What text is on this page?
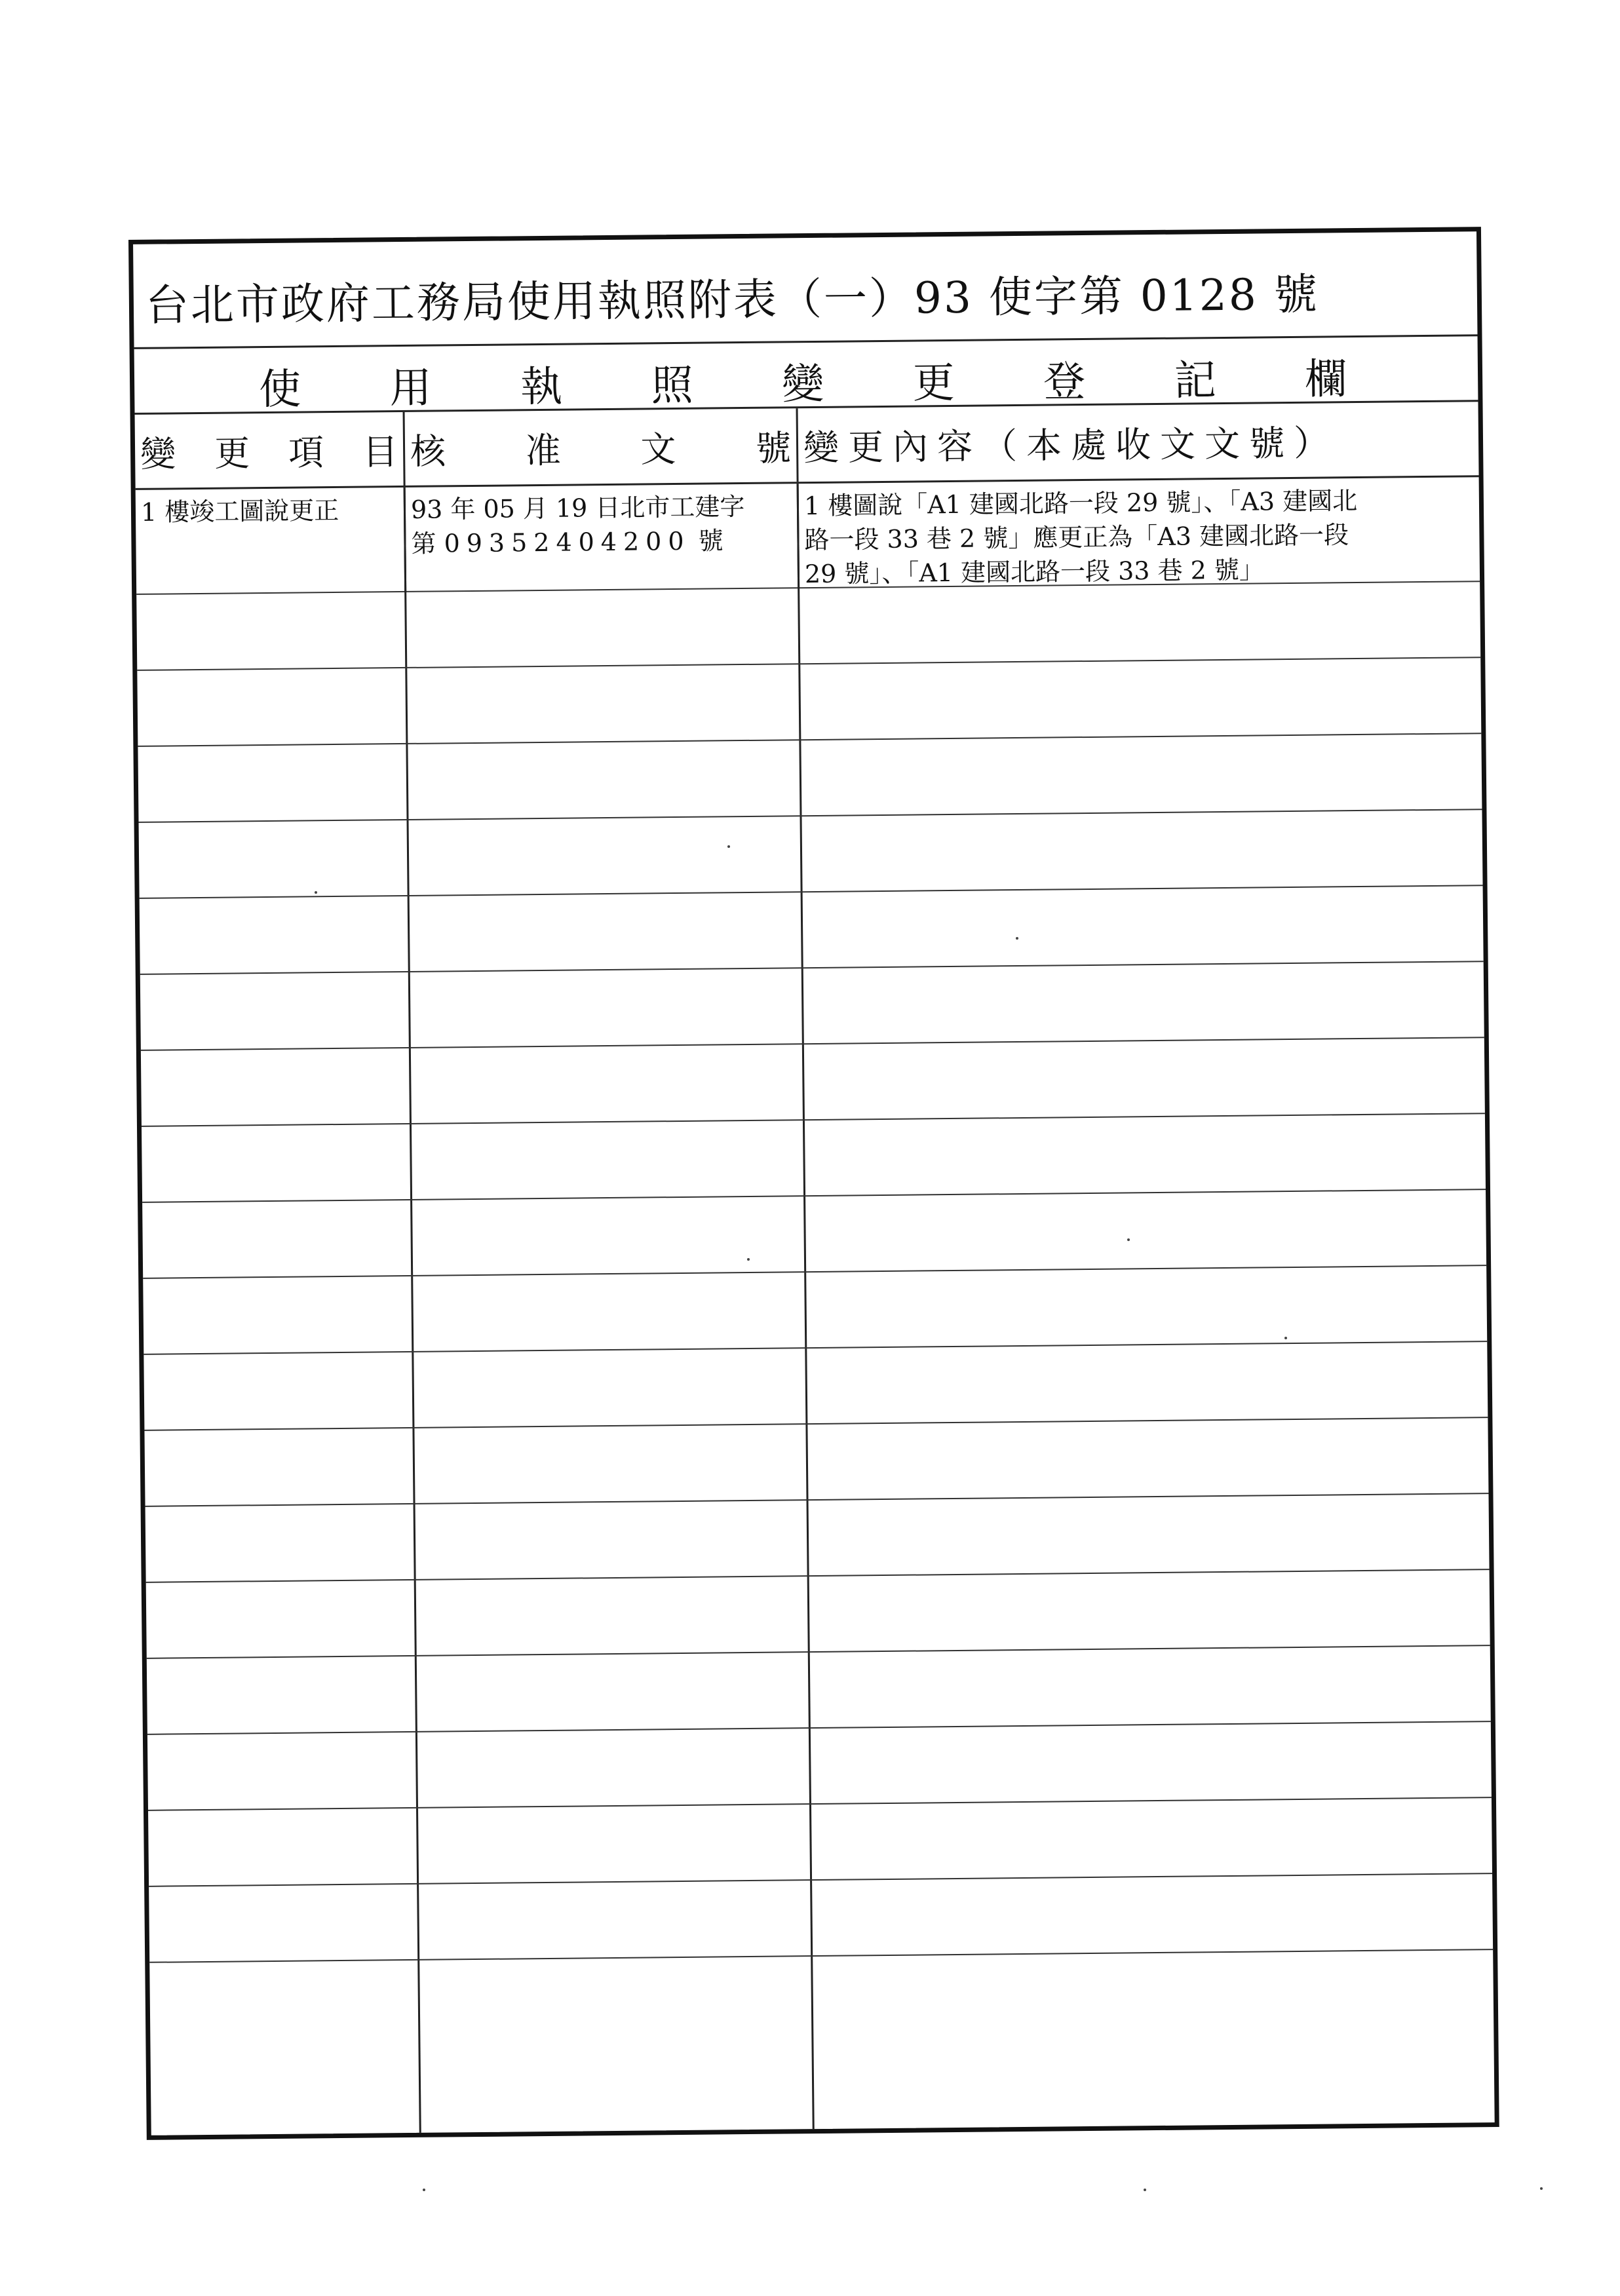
台北市政府工務局使用執照附表（一）93 使字第 0128 號
使 用 執 照 變 更 登 記 欄
變 更 項 目 核 准 文 號 變更內容（本處收文文號）
1 樓竣工圖說更正	93 年 05 月 19 日北市工建字
第 09352404200 號
1 樓圖說「A1 建國北路一段 29 號」、「A3 建國北
路一段 33 巷 2 號」應更正為「A3 建國北路一段
29 號」、「A1 建國北路一段 33 巷 2 號」
